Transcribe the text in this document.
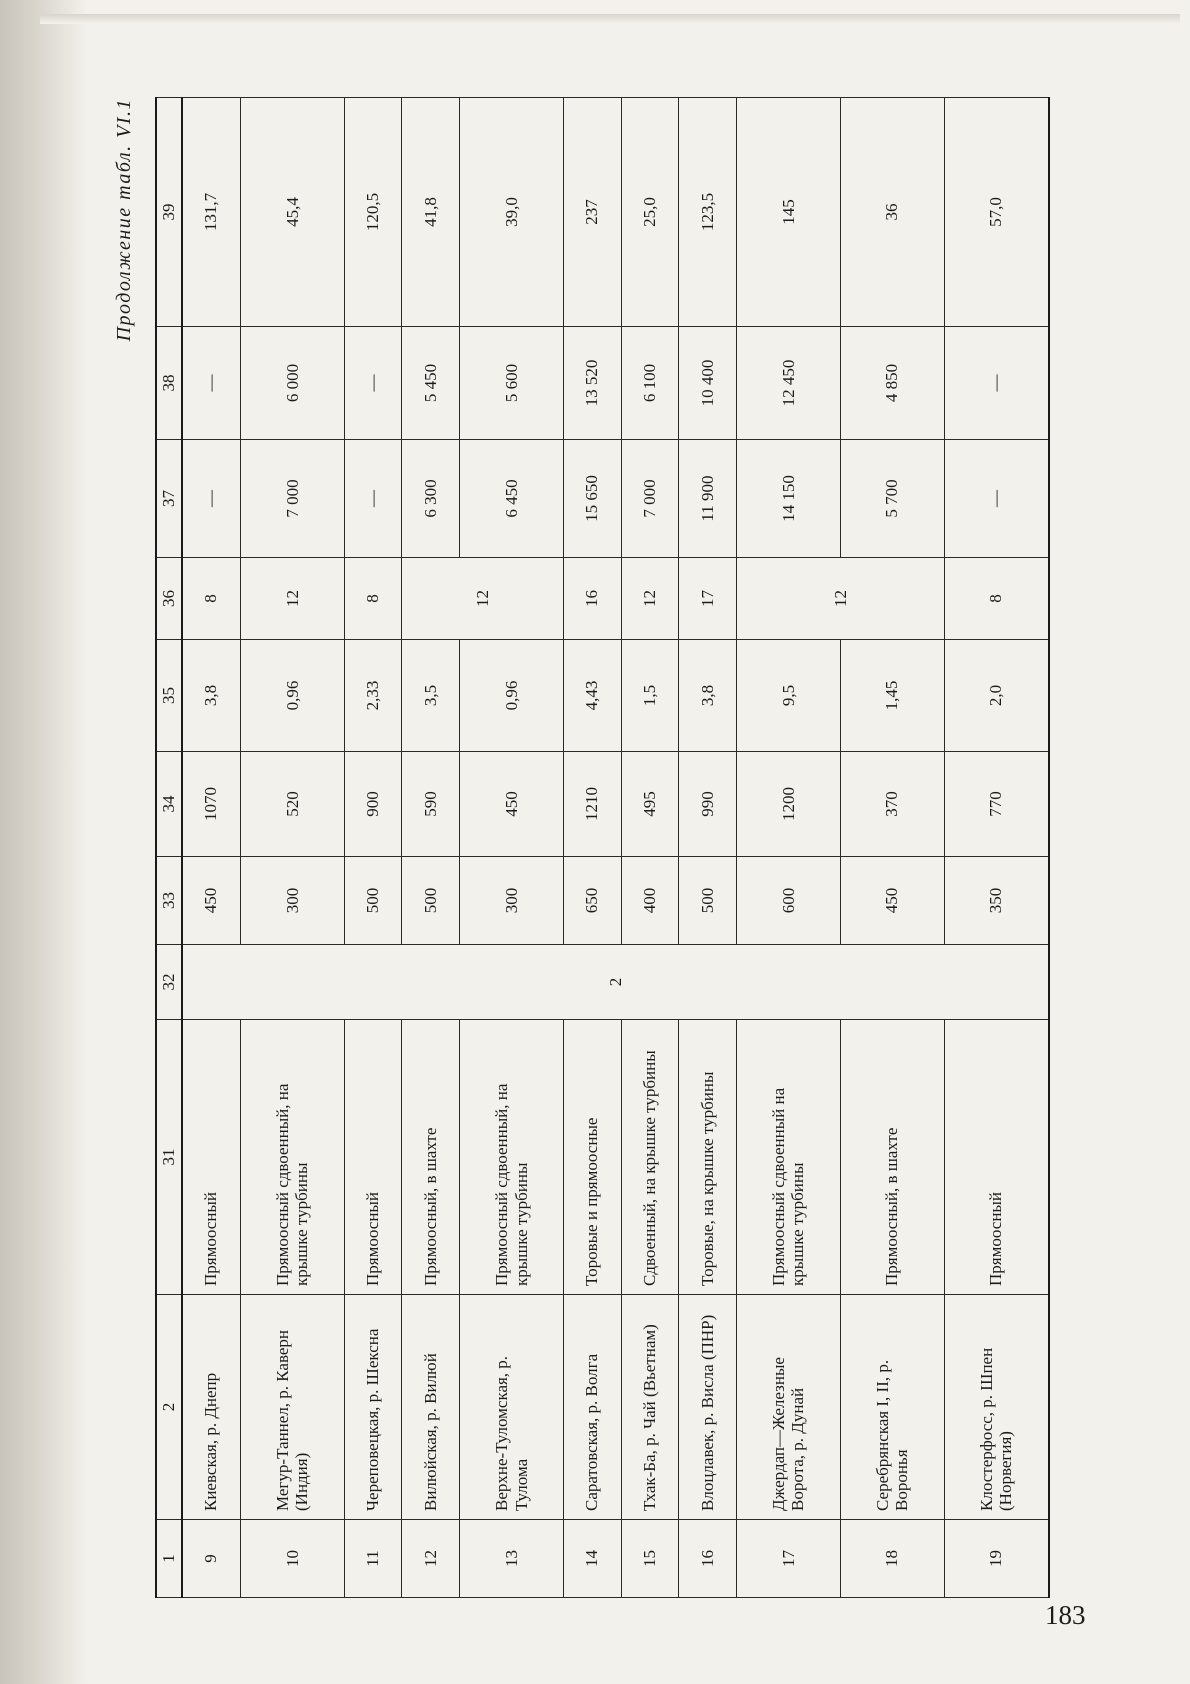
Продолжение табл. VI.1
1	2	31	32	33	34	35	36	37	38	39
9	Киевская, р. Днепр	Прямоосный	2	450	1070	3,8	8	—	—	131,7
10	Мегур-Таннел, р. Каверн (Индия)	Прямоосный сдвоенный, на крышке турбины		300	520	0,96	12	7 000	6 000	45,4
11	Череповецкая, р. Шексна	Прямоосный		500	900	2,33	8	—	—	120,5
12	Вилюйская, р. Вилюй	Прямоосный, в шахте		500	590	3,5	12	6 300	5 450	41,8
13	Верхне-Туломская, р. Тулома	Прямоосный сдвоенный, на крышке турбины		300	450	0,96		6 450	5 600	39,0
14	Саратовская, р. Волга	Торовые и прямоосные		650	1210	4,43	16	15 650	13 520	237
15	Тхак-Ба, р. Чай (Вьетнам)	Сдвоенный, на крышке турбины		400	495	1,5	12	7 000	6 100	25,0
16	Влоцлавек, р. Висла (ПНР)	Торовые, на крышке турбины		500	990	3,8	17	11 900	10 400	123,5
17	Джердап—Железные Ворота, р. Дунай	Прямоосный сдвоенный на крышке турбины		600	1200	9,5	12	14 150	12 450	145
18	Серебрянская I, II, р. Воронья	Прямоосный, в шахте		450	370	1,45		5 700	4 850	36
19	Клостерфосс, р. Шпен (Норвегия)	Прямоосный		350	770	2,0	8	—	—	57,0
183
